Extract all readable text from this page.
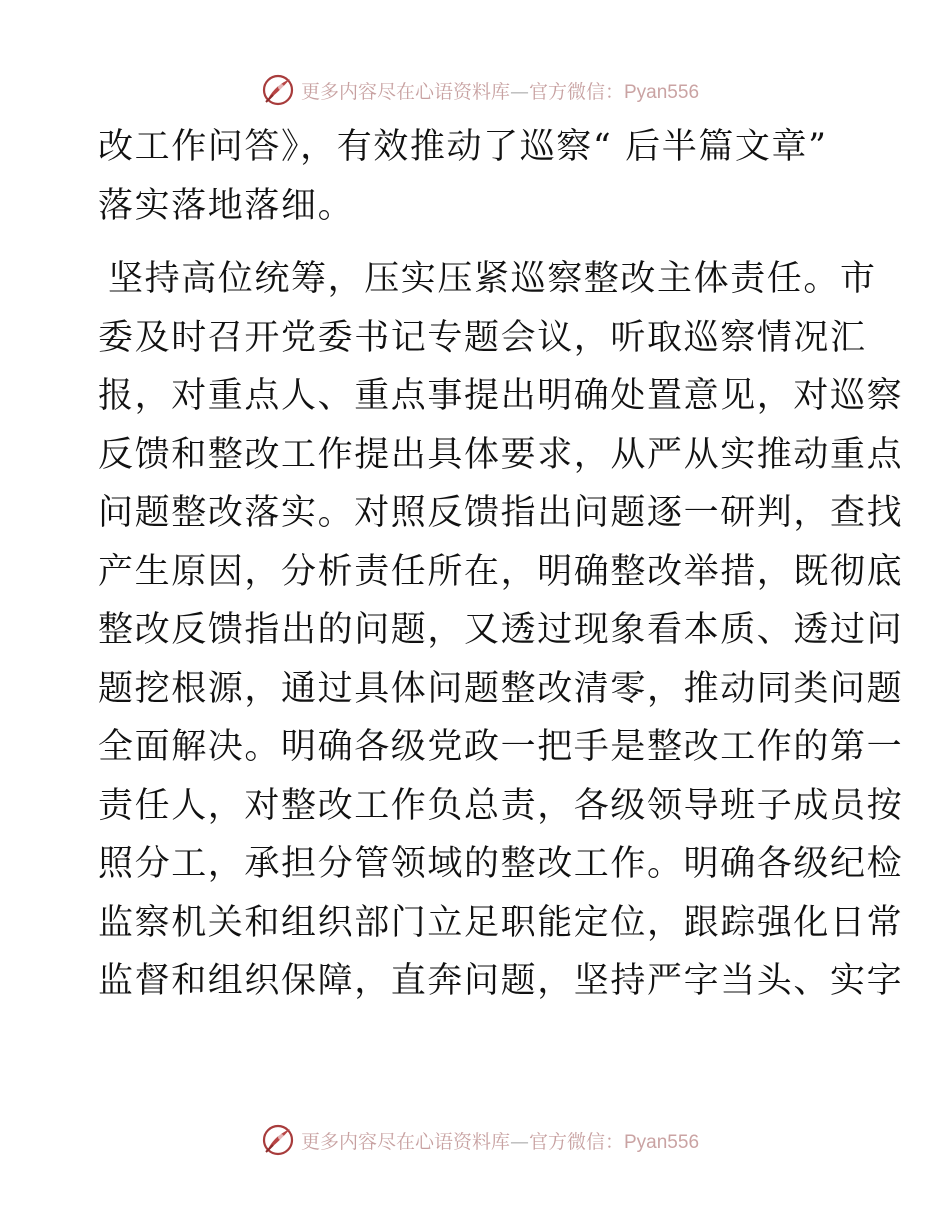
更多内容尽在心语资料库—官方微信：Pyan556
改工作问答》，有效推动了巡察“ 后半篇文章”
落实落地落细。
坚持高位统筹，压实压紧巡察整改主体责任。市
委及时召开党委书记专题会议，听取巡察情况汇
报，对重点人、重点事提出明确处置意见，对巡察
反馈和整改工作提出具体要求，从严从实推动重点
问题整改落实。对照反馈指出问题逐一研判，查找
产生原因，分析责任所在，明确整改举措，既彻底
整改反馈指出的问题，又透过现象看本质、透过问
题挖根源，通过具体问题整改清零，推动同类问题
全面解决。明确各级党政一把手是整改工作的第一
责任人，对整改工作负总责，各级领导班子成员按
照分工，承担分管领域的整改工作。明确各级纪检
监察机关和组织部门立足职能定位，跟踪强化日常
监督和组织保障，直奔问题，坚持严字当头、实字
更多内容尽在心语资料库—官方微信：Pyan556
